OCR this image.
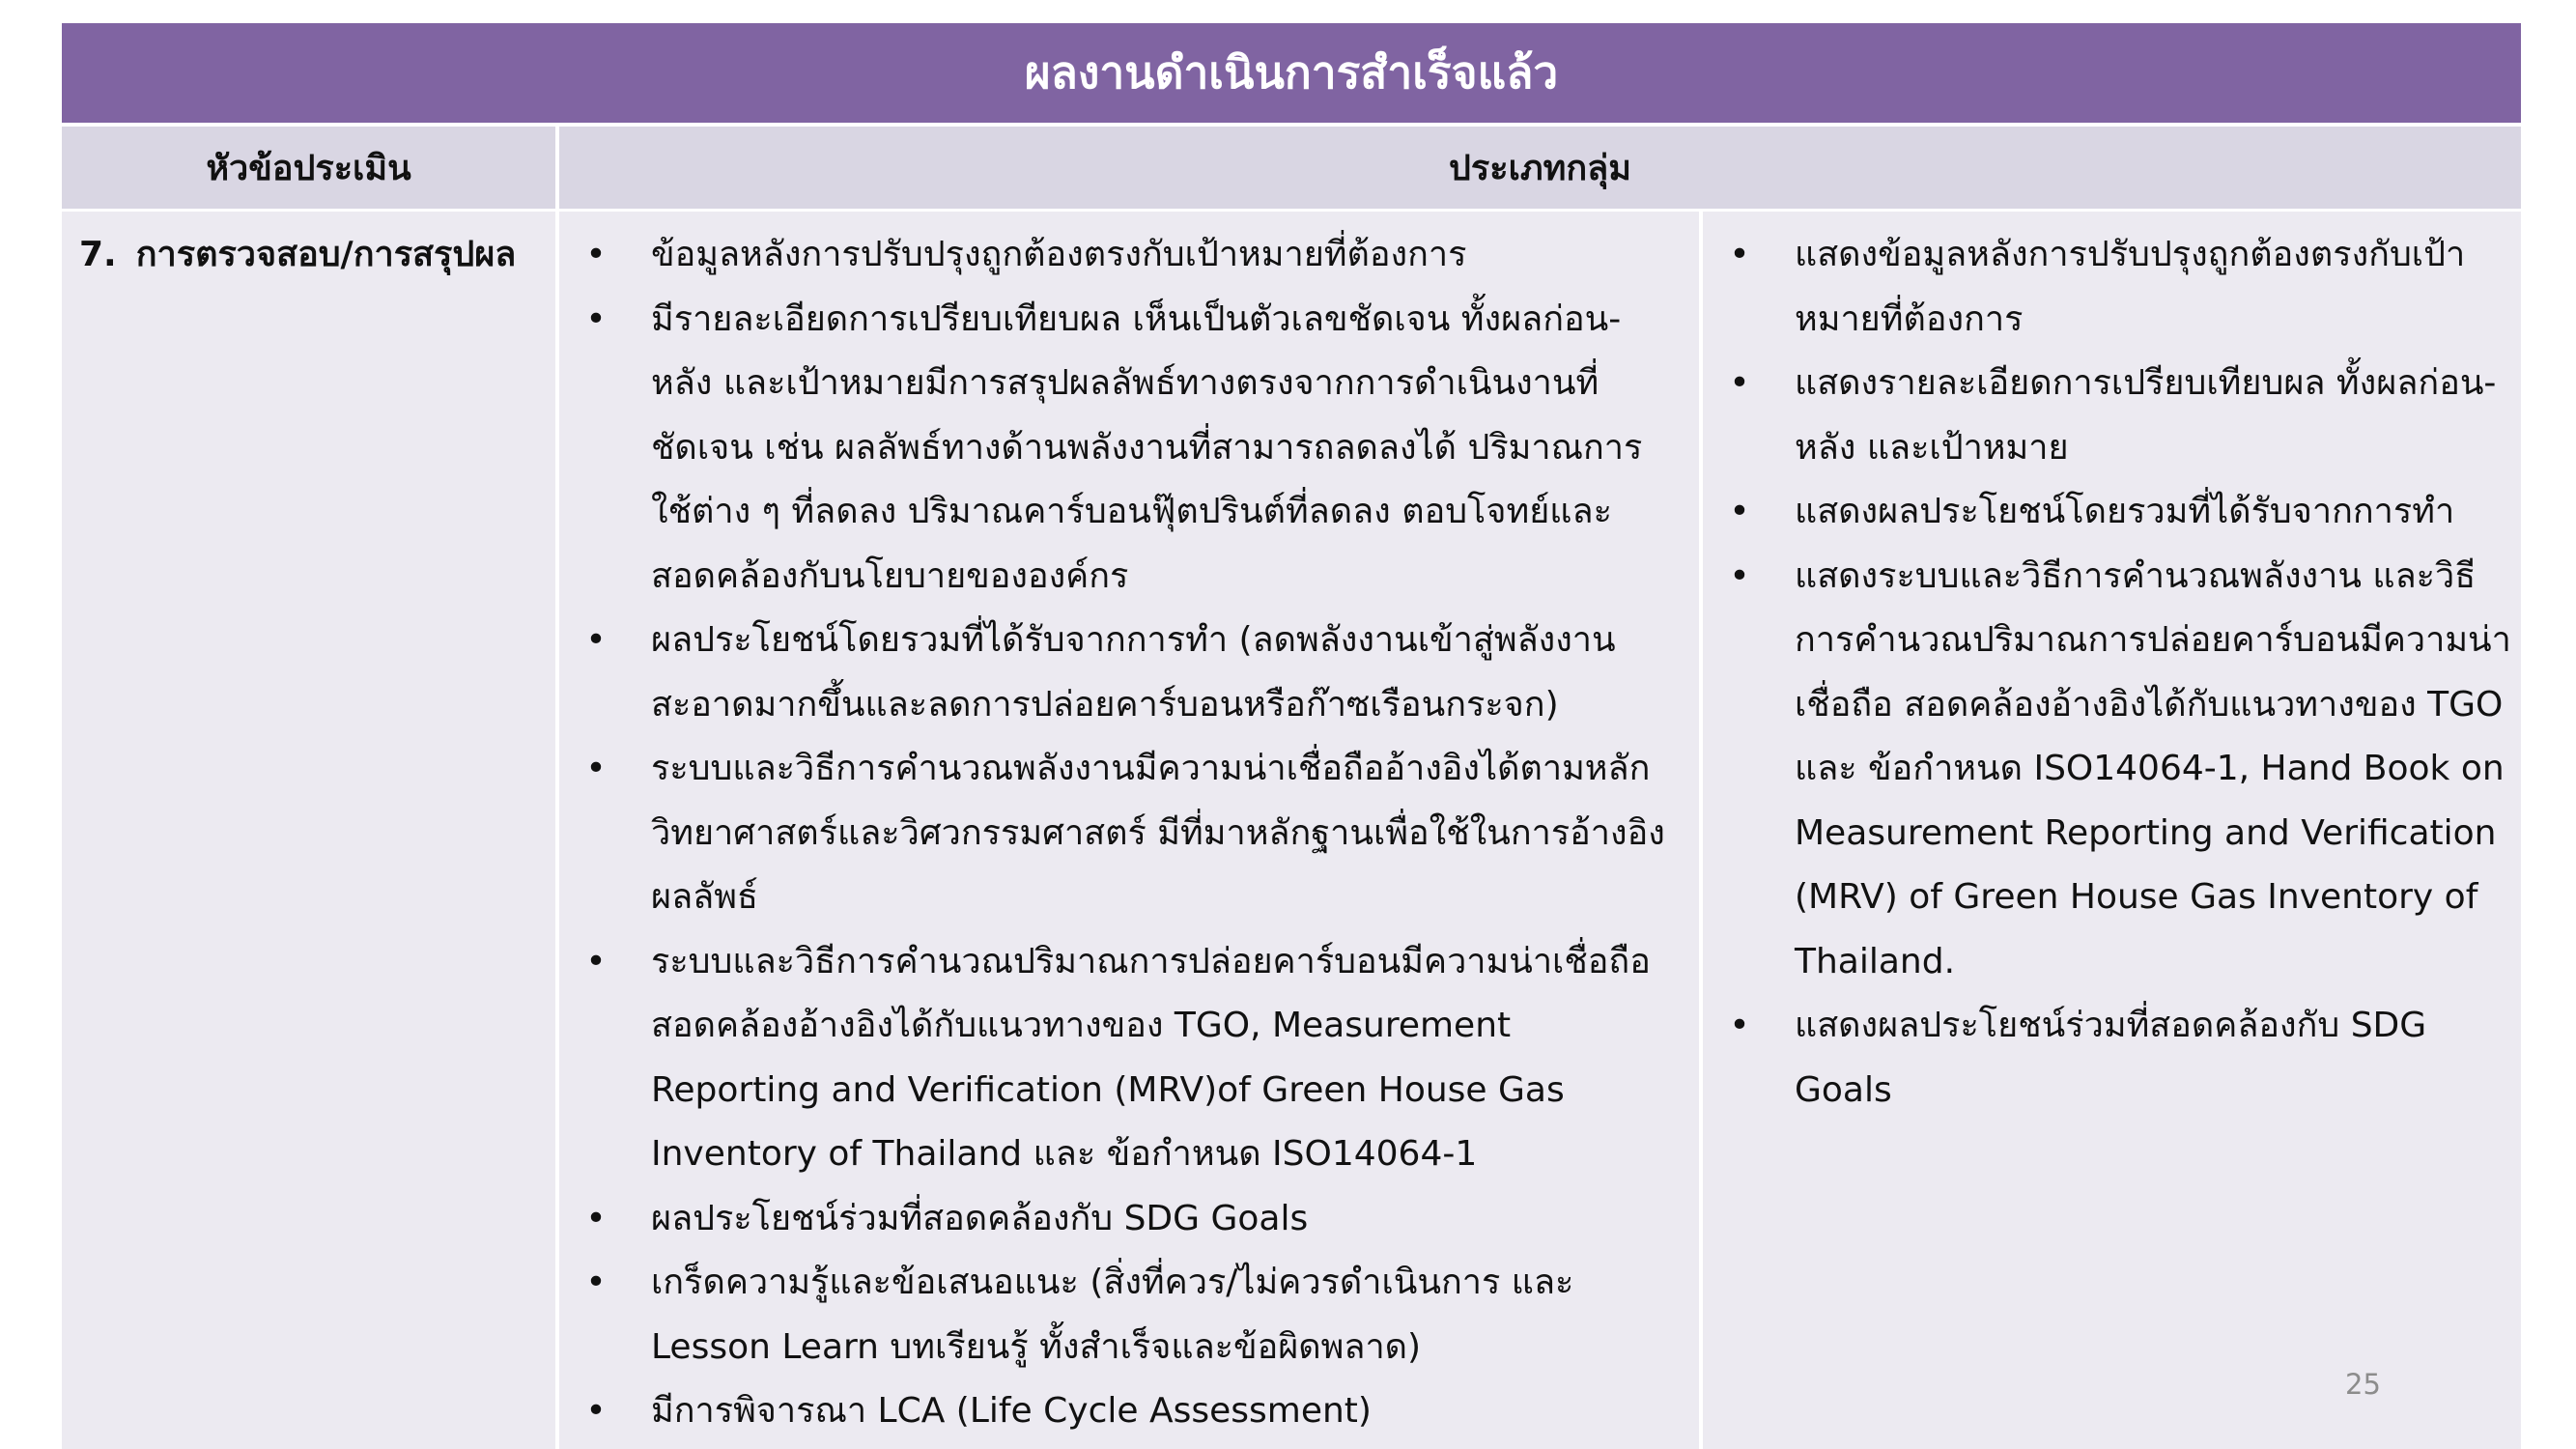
ผลงานดำเนินการสำเร็จแล้ว
หัวข้อประเมิน	ประเภทกลุ่ม
7. การตรวจสอบ/การสรุปผล • ข้อมูลหลังการปรับปรุงถูกต้องตรงกับเป้าหมายที่ต้องการ
• มีรายละเอียดการเปรียบเทียบผล เห็นเป็นตัวเลขชัดเจน ทั้งผลก่อน-หลัง และเป้าหมายมีการสรุปผลลัพธ์ทางตรงจากการดำเนินงานที่ชัดเจน เช่น ผลลัพธ์ทางด้านพลังงานที่สามารถลดลงได้ ปริมาณการใช้ต่าง ๆ ที่ลดลง ปริมาณคาร์บอนฟุ๊ตปรินต์ที่ลดลง ตอบโจทย์และสอดคล้องกับนโยบายขององค์กร
• ผลประโยชน์โดยรวมที่ได้รับจากการทำ (ลดพลังงานเข้าสู่พลังงานสะอาดมากขึ้นและลดการปล่อยคาร์บอนหรือก๊าซเรือนกระจก)
• ระบบและวิธีการคำนวณพลังงานมีความน่าเชื่อถืออ้างอิงได้ตามหลักวิทยาศาสตร์และวิศวกรรมศาสตร์ มีที่มาหลักฐานเพื่อใช้ในการอ้างอิงผลลัพธ์
• ระบบและวิธีการคำนวณปริมาณการปล่อยคาร์บอนมีความน่าเชื่อถือ สอดคล้องอ้างอิงได้กับแนวทางของ TGO, Measurement Reporting and Verification (MRV)of Green House Gas Inventory of Thailand และ ข้อกำหนด ISO14064-1
• ผลประโยชน์ร่วมที่สอดคล้องกับ SDG Goals
• เกร็ดความรู้และข้อเสนอแนะ (สิ่งที่ควร/ไม่ควรดำเนินการ และ Lesson Learn บทเรียนรู้ ทั้งสำเร็จและข้อผิดพลาด)
• มีการพิจารณา LCA (Life Cycle Assessment)
• แสดงข้อมูลหลังการปรับปรุงถูกต้องตรงกับเป้าหมายที่ต้องการ
• แสดงรายละเอียดการเปรียบเทียบผล ทั้งผลก่อน-หลัง และเป้าหมาย
• แสดงผลประโยชน์โดยรวมที่ได้รับจากการทำ
• แสดงระบบและวิธีการคำนวณพลังงาน และวิธีการคำนวณปริมาณการปล่อยคาร์บอนมีความน่าเชื่อถือ สอดคล้องอ้างอิงได้กับแนวทางของ TGO และ ข้อกำหนด ISO14064-1, Hand Book on Measurement Reporting and Verification (MRV) of Green House Gas Inventory of Thailand.
• แสดงผลประโยชน์ร่วมที่สอดคล้องกับ SDG Goals
25
